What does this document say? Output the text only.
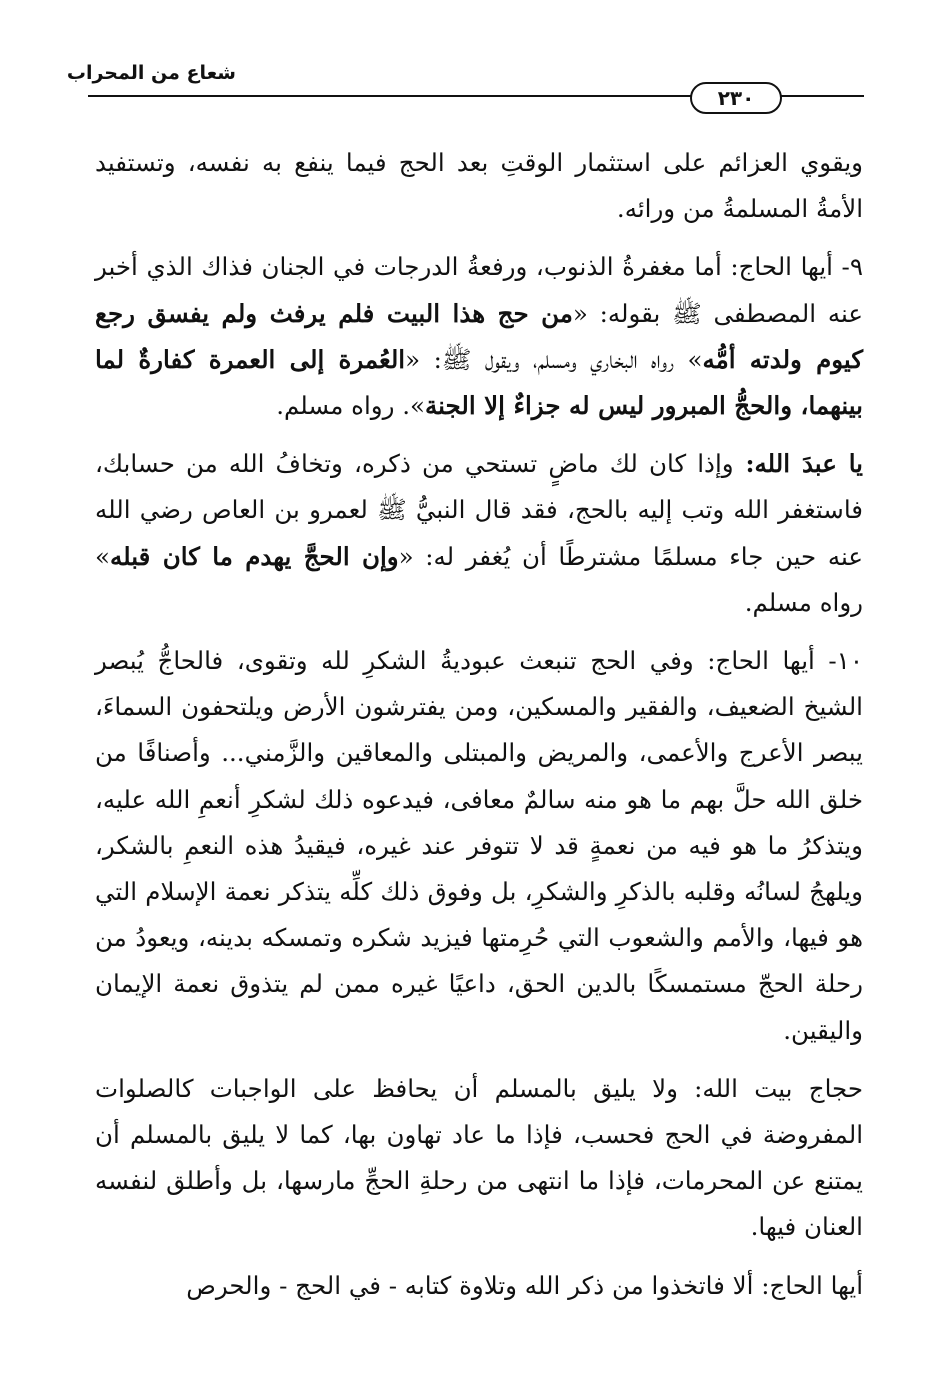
شعاع من المحراب
٢٣٠

ويقوي العزائم على استثمار الوقتِ بعد الحج فيما ينفع به نفسه، وتستفيد الأمةُ المسلمةُ من ورائه.

٩- أيها الحاج: أما مغفرةُ الذنوب، ورفعةُ الدرجات في الجنان فذاك الذي أخبر عنه المصطفى ﷺ بقوله: «من حج هذا البيت فلم يرفث ولم يفسق رجع كيوم ولدته أمُّه» رواه البخاري ومسلم، ويقول ﷺ: «العُمرة إلى العمرة كفارةٌ لما بينهما، والحجُّ المبرور ليس له جزاءٌ إلا الجنة». رواه مسلم.

يا عبدَ الله: وإذا كان لك ماضٍ تستحي من ذكره، وتخافُ الله من حسابك، فاستغفر الله وتب إليه بالحج، فقد قال النبيُّ ﷺ لعمرو بن العاص رضي الله عنه حين جاء مسلمًا مشترطًا أن يُغفر له: «وإن الحجَّ يهدم ما كان قبله» رواه مسلم.

١٠- أيها الحاج: وفي الحج تنبعث عبوديةُ الشكرِ لله وتقوى، فالحاجُّ يُبصر الشيخ الضعيف، والفقير والمسكين، ومن يفترشون الأرض ويلتحفون السماءَ، يبصر الأعرج والأعمى، والمريض والمبتلى والمعاقين والزَّمني... وأصنافًا من خلق الله حلَّ بهم ما هو منه سالمٌ معافى، فيدعوه ذلك لشكرِ أنعمِ الله عليه، ويتذكرُ ما هو فيه من نعمةٍ قد لا تتوفر عند غيره، فيقيدُ هذه النعمِ بالشكر، ويلهجُ لسانُه وقلبه بالذكرِ والشكرِ، بل وفوق ذلك كلِّه يتذكر نعمة الإسلام التي هو فيها، والأمم والشعوب التي حُرِمتها فيزيد شكره وتمسكه بدينه، ويعودُ من رحلة الحجّ مستمسكًا بالدين الحق، داعيًا غيره ممن لم يتذوق نعمة الإيمان واليقين.

حجاج بيت الله: ولا يليق بالمسلم أن يحافظ على الواجبات كالصلوات المفروضة في الحج فحسب، فإذا ما عاد تهاون بها، كما لا يليق بالمسلم أن يمتنع عن المحرمات، فإذا ما انتهى من رحلةِ الحجِّ مارسها، بل وأطلق لنفسه العنان فيها.

أيها الحاج: ألا فاتخذوا من ذكر الله وتلاوة كتابه - في الحج - والحرص
